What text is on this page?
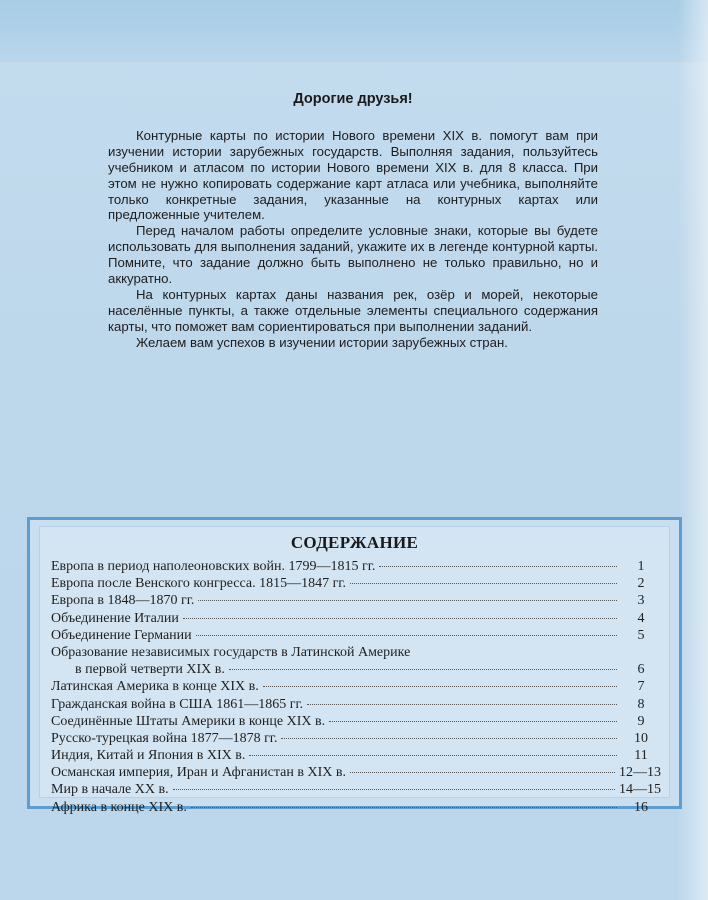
Дорогие друзья!

Контурные карты по истории Нового времени XIX в. помогут вам при изучении истории зарубежных государств. Выполняя задания, пользуйтесь учебником и атласом по истории Нового времени XIX в. для 8 класса. При этом не нужно копировать содержание карт атласа или учебника, выполняйте только конкретные задания, указанные на контурных картах или предложенные учителем.

Перед началом работы определите условные знаки, которые вы будете использовать для выполнения заданий, укажите их в легенде контурной карты. Помните, что задание должно быть выполнено не только правильно, но и аккуратно.

На контурных картах даны названия рек, озёр и морей, некоторые населённые пункты, а также отдельные элементы специального содержания карты, что поможет вам сориентироваться при выполнении заданий.

Желаем вам успехов в изучении истории зарубежных стран.

СОДЕРЖАНИЕ
Европа в период наполеоновских войн. 1799—1815 гг.	1
Европа после Венского конгресса. 1815—1847 гг.	2
Европа в 1848—1870 гг.	3
Объединение Италии	4
Объединение Германии	5
Образование независимых государств в Латинской Америке
в первой четверти XIX в.	6
Латинская Америка в конце XIX в.	7
Гражданская война в США 1861—1865 гг.	8
Соединённые Штаты Америки в конце XIX в.	9
Русско-турецкая война 1877—1878 гг.	10
Индия, Китай и Япония в XIX в.	11
Османская империя, Иран и Афганистан в XIX в.	12—13
Мир в начале XX в.	14—15
Африка в конце XIX в.	16
